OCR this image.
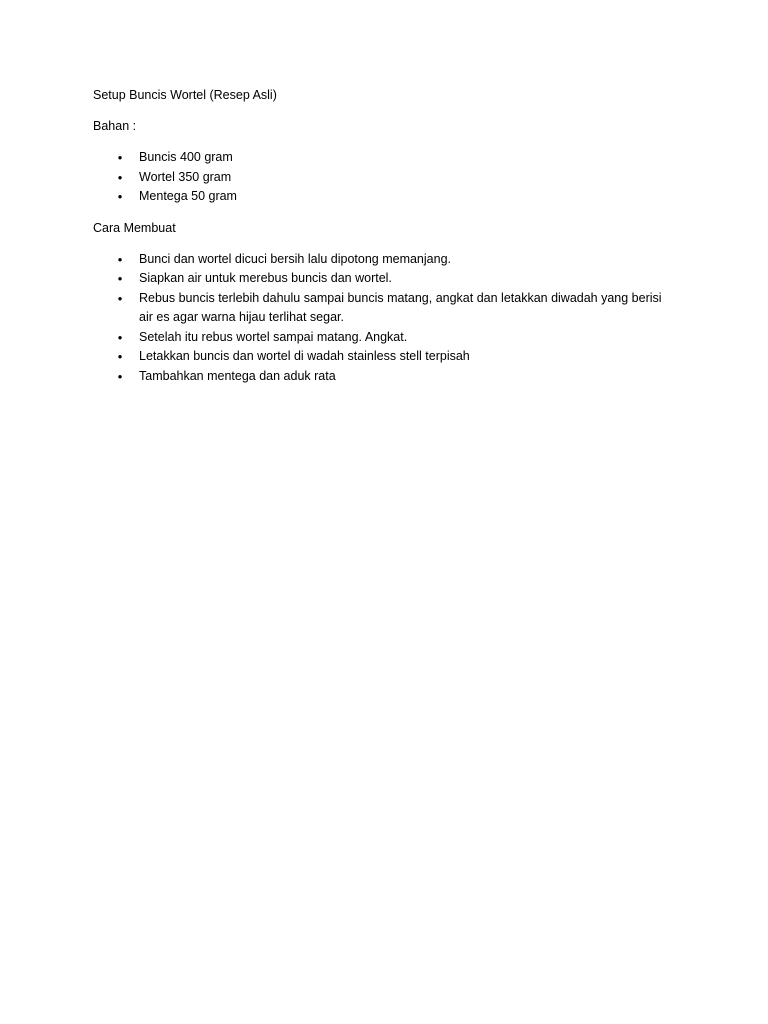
Setup Buncis Wortel (Resep Asli)

Bahan :

• Buncis 400 gram
• Wortel 350 gram
• Mentega 50 gram

Cara Membuat

• Bunci dan wortel dicuci bersih lalu dipotong memanjang.
• Siapkan air untuk merebus buncis dan wortel.
• Rebus buncis terlebih dahulu sampai buncis matang, angkat dan letakkan diwadah yang berisi air es agar warna hijau terlihat segar.
• Setelah itu rebus wortel sampai matang. Angkat.
• Letakkan buncis dan wortel di wadah stainless stell terpisah
• Tambahkan mentega dan aduk rata
